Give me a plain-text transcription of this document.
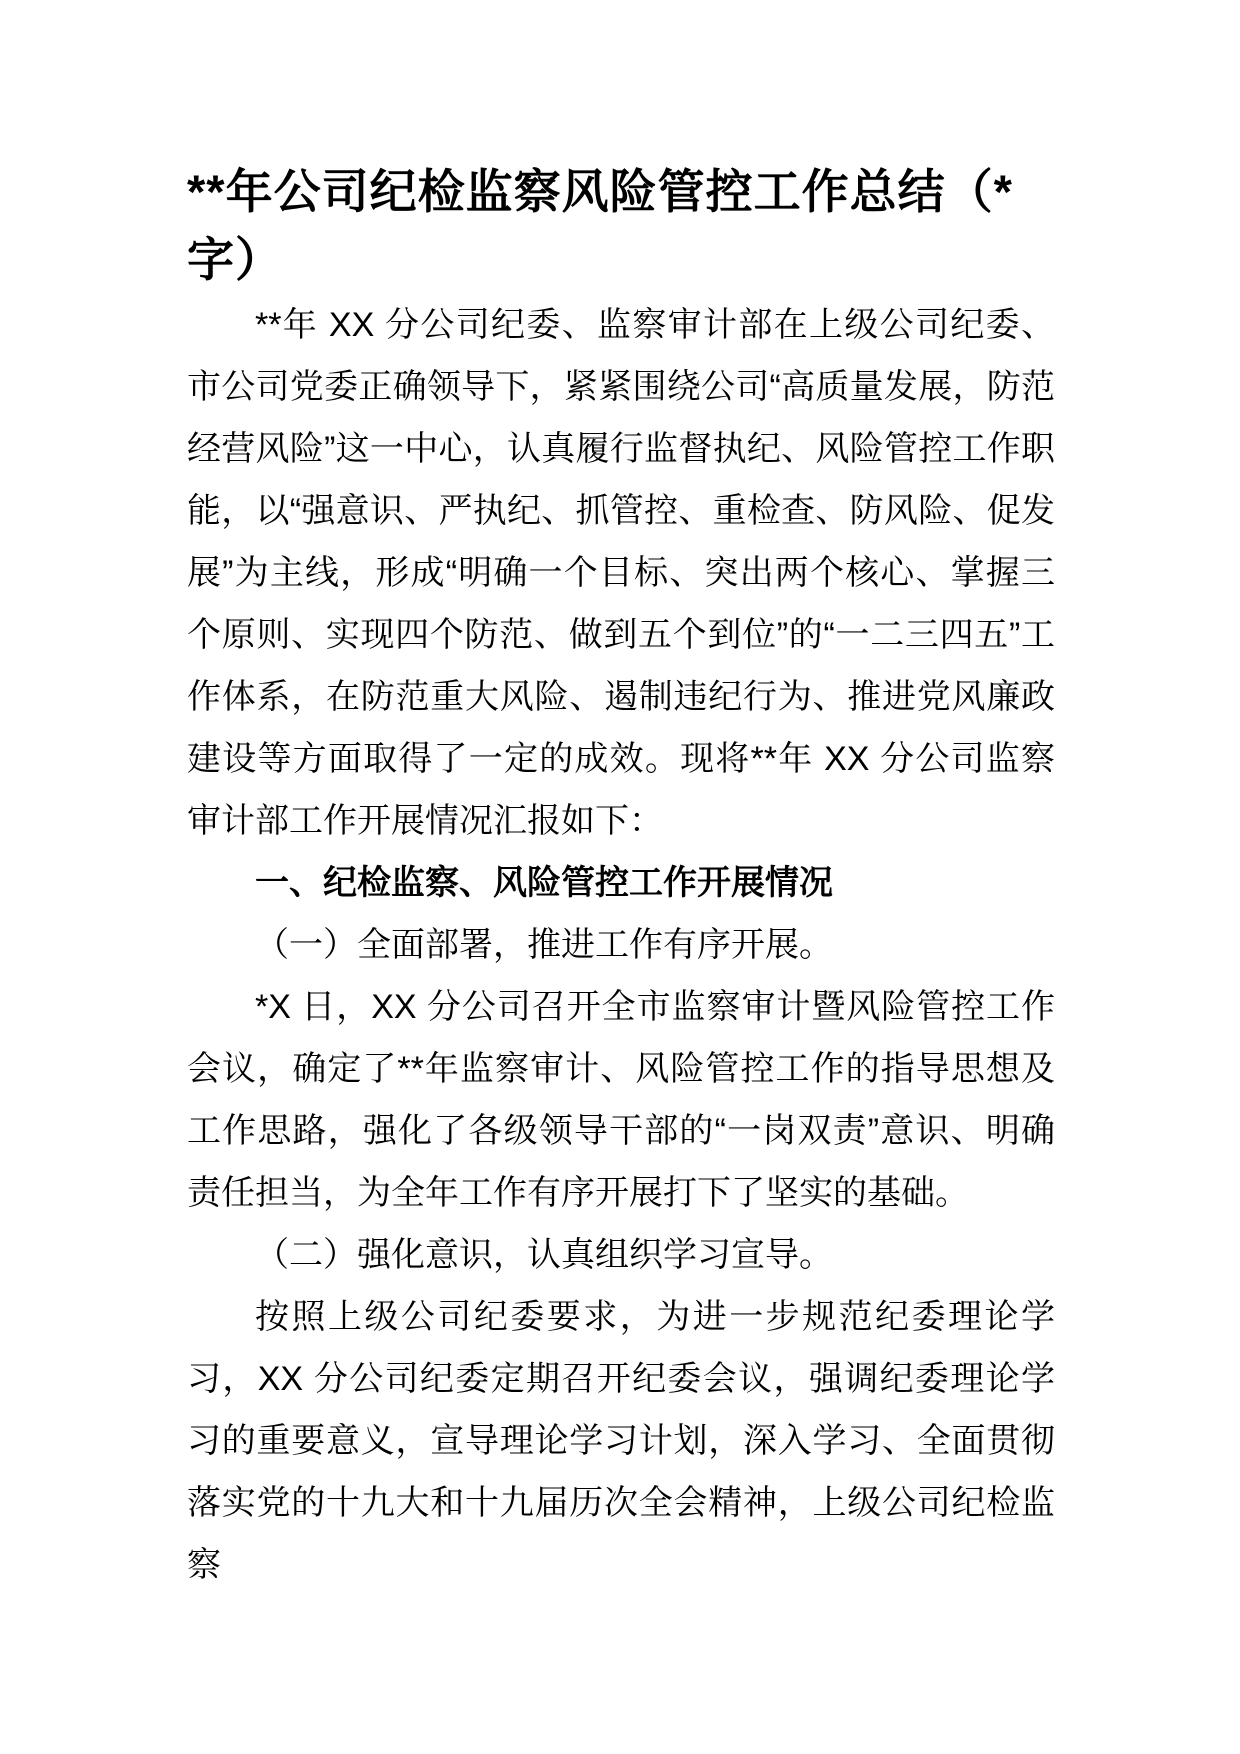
**年公司纪检监察风险管控工作总结（*
字）

**年 XX 分公司纪委、监察审计部在上级公司纪委、市公司党委正确领导下，紧紧围绕公司“高质量发展，防范经营风险”这一中心，认真履行监督执纪、风险管控工作职能，以“强意识、严执纪、抓管控、重检查、防风险、促发展”为主线，形成“明确一个目标、突出两个核心、掌握三个原则、实现四个防范、做到五个到位”的“一二三四五”工作体系，在防范重大风险、遏制违纪行为、推进党风廉政建设等方面取得了一定的成效。现将**年 XX 分公司监察审计部工作开展情况汇报如下：

一、纪检监察、风险管控工作开展情况

（一）全面部署，推进工作有序开展。

*X 日，XX 分公司召开全市监察审计暨风险管控工作会议，确定了**年监察审计、风险管控工作的指导思想及工作思路，强化了各级领导干部的“一岗双责”意识、明确责任担当，为全年工作有序开展打下了坚实的基础。

（二）强化意识，认真组织学习宣导。

按照上级公司纪委要求，为进一步规范纪委理论学习，XX 分公司纪委定期召开纪委会议，强调纪委理论学习的重要意义，宣导理论学习计划，深入学习、全面贯彻落实党的十九大和十九届历次全会精神，上级公司纪检监察
